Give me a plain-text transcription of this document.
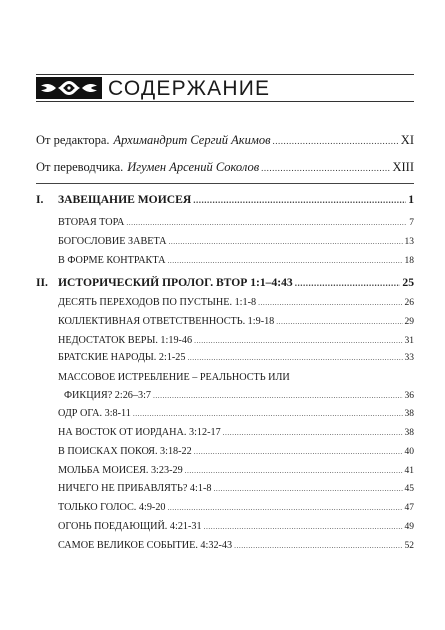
СОДЕРЖАНИЕ
От редактора. Архимандрит Сергий Акимов .....	XI
От переводчика. Игумен Арсений Соколов .....	XIII
I.	ЗАВЕЩАНИЕ МОИСЕЯ .....	1
ВТОРАЯ ТОРА .....	7
БОГОСЛОВИЕ ЗАВЕТА .....	13
В ФОРМЕ КОНТРАКТА .....	18
II. ИСТОРИЧЕСКИЙ ПРОЛОГ. ВТОР 1:1–4:43 .....	25
ДЕСЯТЬ ПЕРЕХОДОВ ПО ПУСТЫНЕ. 1:1-8 .....	26
КОЛЛЕКТИВНАЯ ОТВЕТСТВЕННОСТЬ. 1:9-18 .....	29
НЕДОСТАТОК ВЕРЫ. 1:19-46 .....	31
БРАТСКИЕ НАРОДЫ. 2:1-25 .....	33
МАССОВОЕ ИСТРЕБЛЕНИЕ – РЕАЛЬНОСТЬ ИЛИ
ФИКЦИЯ? 2:26–3:7 .....	36
ОДР ОГА. 3:8-11 .....	38
НА ВОСТОК ОТ ИОРДАНА. 3:12-17 .....	38
В ПОИСКАХ ПОКОЯ. 3:18-22 .....	40
МОЛЬБА МОИСЕЯ. 3:23-29 .....	41
НИЧЕГО НЕ ПРИБАВЛЯТЬ? 4:1-8 .....	45
ТОЛЬКО ГОЛОС. 4:9-20 .....	47
ОГОНЬ ПОЕДАЮЩИЙ. 4:21-31 .....	49
САМОЕ ВЕЛИКОЕ СОБЫТИЕ. 4:32-43 .....	52
